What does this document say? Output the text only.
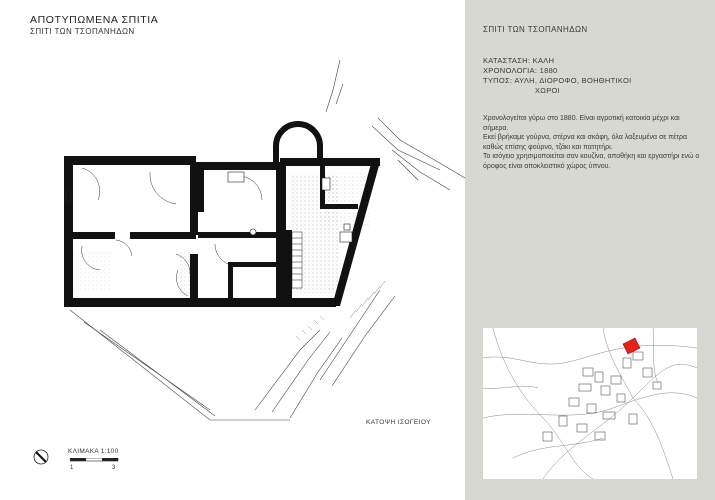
ΑΠΟΤΥΠΩΜΕΝΑ ΣΠΙΤΙΑ
ΣΠΙΤΙ ΤΩΝ ΤΣΟΠΑΝΗΔΩΝ
ΚΑΤΟΨΗ ΙΣΟΓΕΙΟΥ
ΚΛΙΜΑΚΑ 1:100
1	3
ΣΠΙΤΙ ΤΩΝ ΤΣΟΠΑΝΗΔΩΝ
ΚΑΤΑΣΤΑΣΗ: ΚΑΛΗ
ΧΡΟΝΟΛΟΓΙΑ: 1880
ΤΥΠΟΣ: ΑΥΛΗ, ΔΙΟΡΟΦΟ, ΒΟΗΘΗΤΙΚΟΙ
ΧΩΡΟΙ

Χρονολογείται γύρω στο 1880. Είναι αγροτική κατοικία μέχρι και σήμερα.

Εκεί βρήκαμε γούρνα, στέρνα και σκάφη, όλα λαξευμένα σε πέτρα καθώς επίσης φούρνο, τζάκι και πατητήρι.

Το ισόγειο χρησιμοποιείται σαν κουζίνα, αποθήκη και εργαστήρι ενώ ο όροφος είναι αποκλειστικό χώρος ύπνου.
